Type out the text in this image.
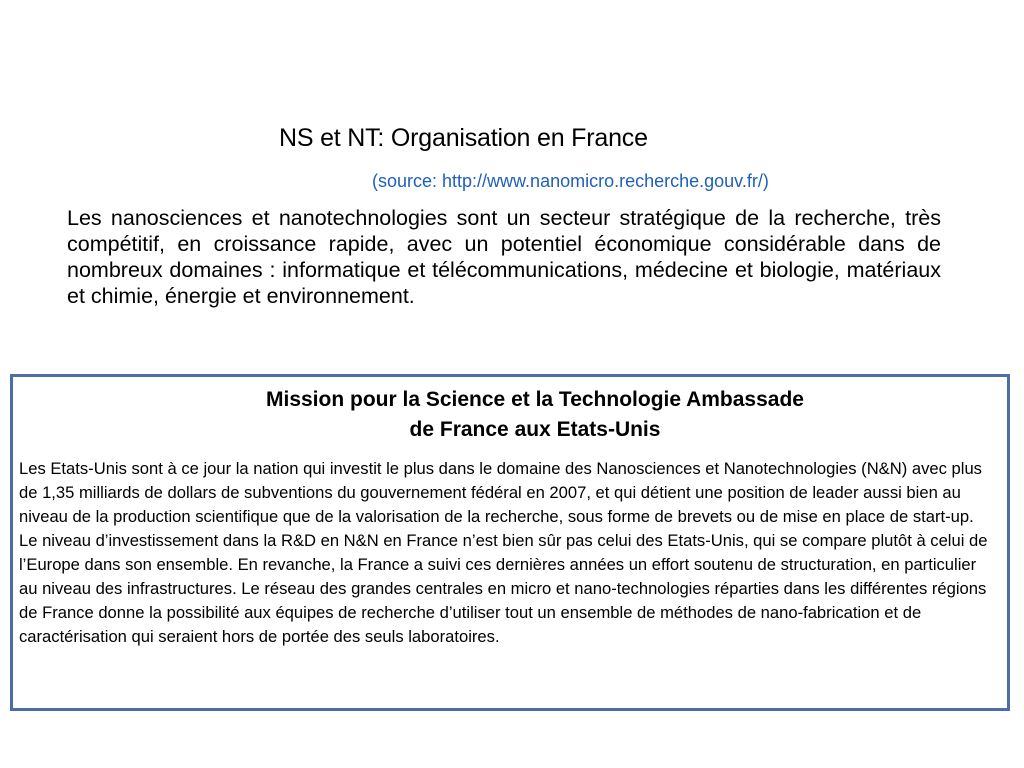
NS et NT: Organisation en France
(source: http://www.nanomicro.recherche.gouv.fr/)
Les nanosciences et nanotechnologies sont un secteur stratégique de la recherche, très compétitif, en croissance rapide, avec un potentiel économique considérable dans de nombreux domaines : informatique et télécommunications, médecine et biologie, matériaux et chimie, énergie et environnement.
Mission pour la Science et la Technologie Ambassade
de France aux Etats-Unis
Les Etats-Unis sont à ce jour la nation qui investit le plus dans le domaine des Nanosciences et Nanotechnologies (N&N) avec plus de 1,35 milliards de dollars de subventions du gouvernement fédéral en 2007, et qui détient une position de leader aussi bien au niveau de la production scientifique que de la valorisation de la recherche, sous forme de brevets ou de mise en place de start-up. Le niveau d’investissement dans la R&D en N&N en France n’est bien sûr pas celui des Etats-Unis, qui se compare plutôt à celui de l’Europe dans son ensemble. En revanche, la France a suivi ces dernières années un effort soutenu de structuration, en particulier au niveau des infrastructures. Le réseau des grandes centrales en micro et nano-technologies réparties dans les différentes régions de France donne la possibilité aux équipes de recherche d’utiliser tout un ensemble de méthodes de nano-fabrication et de caractérisation qui seraient hors de portée des seuls laboratoires.
